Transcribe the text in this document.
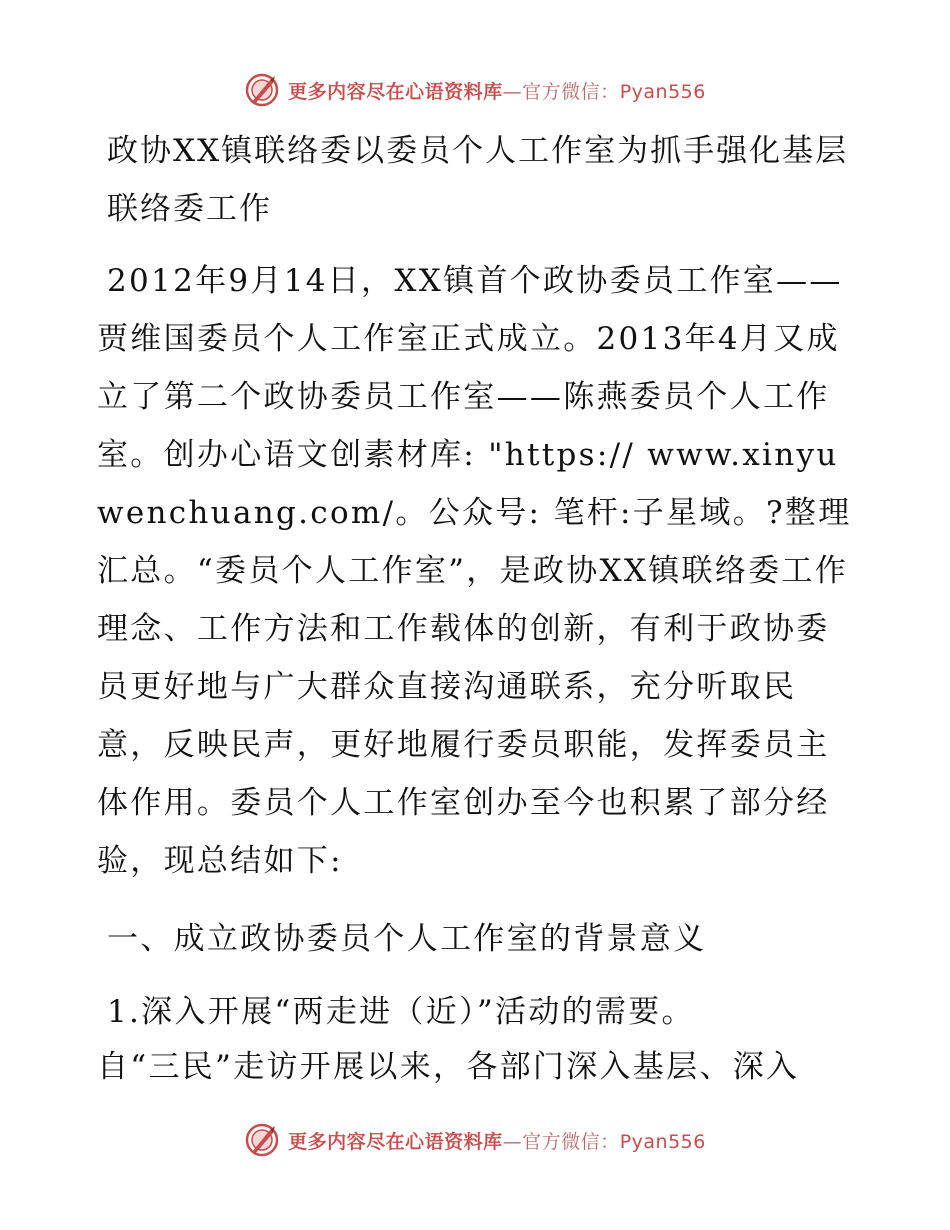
更多内容尽在心语资料库—官方微信：Pyan556
政协XX镇联络委以委员个人工作室为抓手强化基层联络委工作

2012年9月14日，XX镇首个政协委员工作室——贾维国委员个人工作室正式成立。2013年4月又成立了第二个政协委员工作室——陈燕委员个人工作室。创办心语文创素材库: "https:// www.xinyuwenchuang.com/。公众号: 笔杆:子星域。?整理汇总。“委员个人工作室”，是政协XX镇联络委工作理念、工作方法和工作载体的创新，有利于政协委员更好地与广大群众直接沟通联系，充分听取民意，反映民声，更好地履行委员职能，发挥委员主体作用。委员个人工作室创办至今也积累了部分经验，现总结如下:

一、成立政协委员个人工作室的背景意义

1.深入开展“两走进（近）”活动的需要。

自“三民”走访开展以来，各部门深入基层、深入

更多内容尽在心语资料库—官方微信：Pyan556
